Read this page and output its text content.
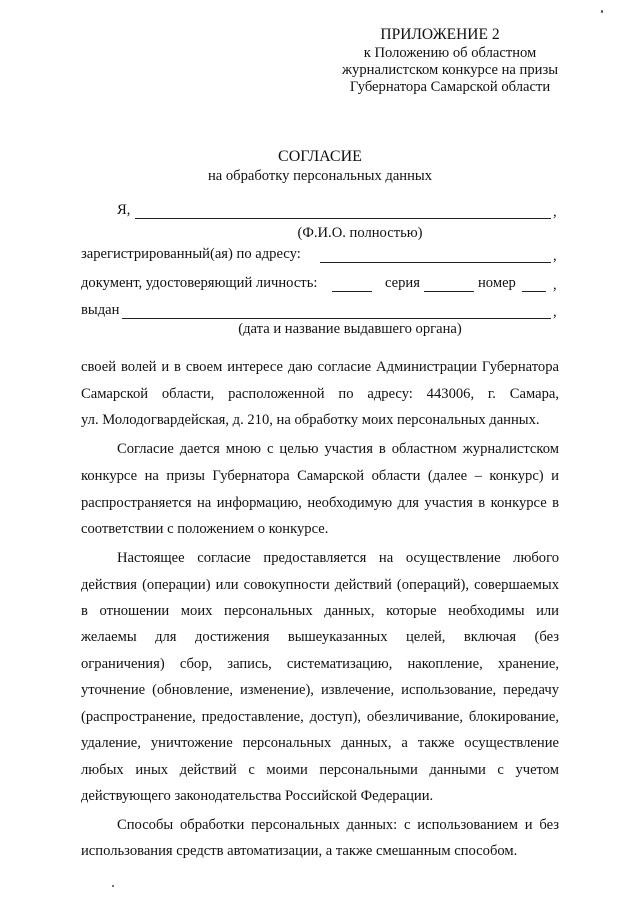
ПРИЛОЖЕНИЕ 2
к Положению об областном
журналистском конкурсе на призы
Губернатора Самарской области
СОГЛАСИЕ
на обработку персональных данных
Я,	,
(Ф.И.О. полностью)
зарегистрированный(ая) по адресу:	,
документ, удостоверяющий личность:	серия	номер	,
выдан	,
(дата и название выдавшего органа)
своей волей и в своем интересе даю согласие Администрации Губернатора
Самарской области, расположенной по адресу: 443006, г. Самара,
ул. Молодогвардейская, д. 210, на обработку моих персональных данных.
Согласие дается мною с целью участия в областном журналистском
конкурсе на призы Губернатора Самарской области (далее – конкурс) и
распространяется на информацию, необходимую для участия в конкурсе в
соответствии с положением о конкурсе.
Настоящее согласие предоставляется на осуществление любого
действия (операции) или совокупности действий (операций), совершаемых
в отношении моих персональных данных, которые необходимы или
желаемы для достижения вышеуказанных целей, включая (без
ограничения) сбор, запись, систематизацию, накопление, хранение,
уточнение (обновление, изменение), извлечение, использование, передачу
(распространение, предоставление, доступ), обезличивание, блокирование,
удаление, уничтожение персональных данных, а также осуществление
любых иных действий с моими персональными данными с учетом
действующего законодательства Российской Федерации.
Способы обработки персональных данных: с использованием и без
использования средств автоматизации, а также смешанным способом.
